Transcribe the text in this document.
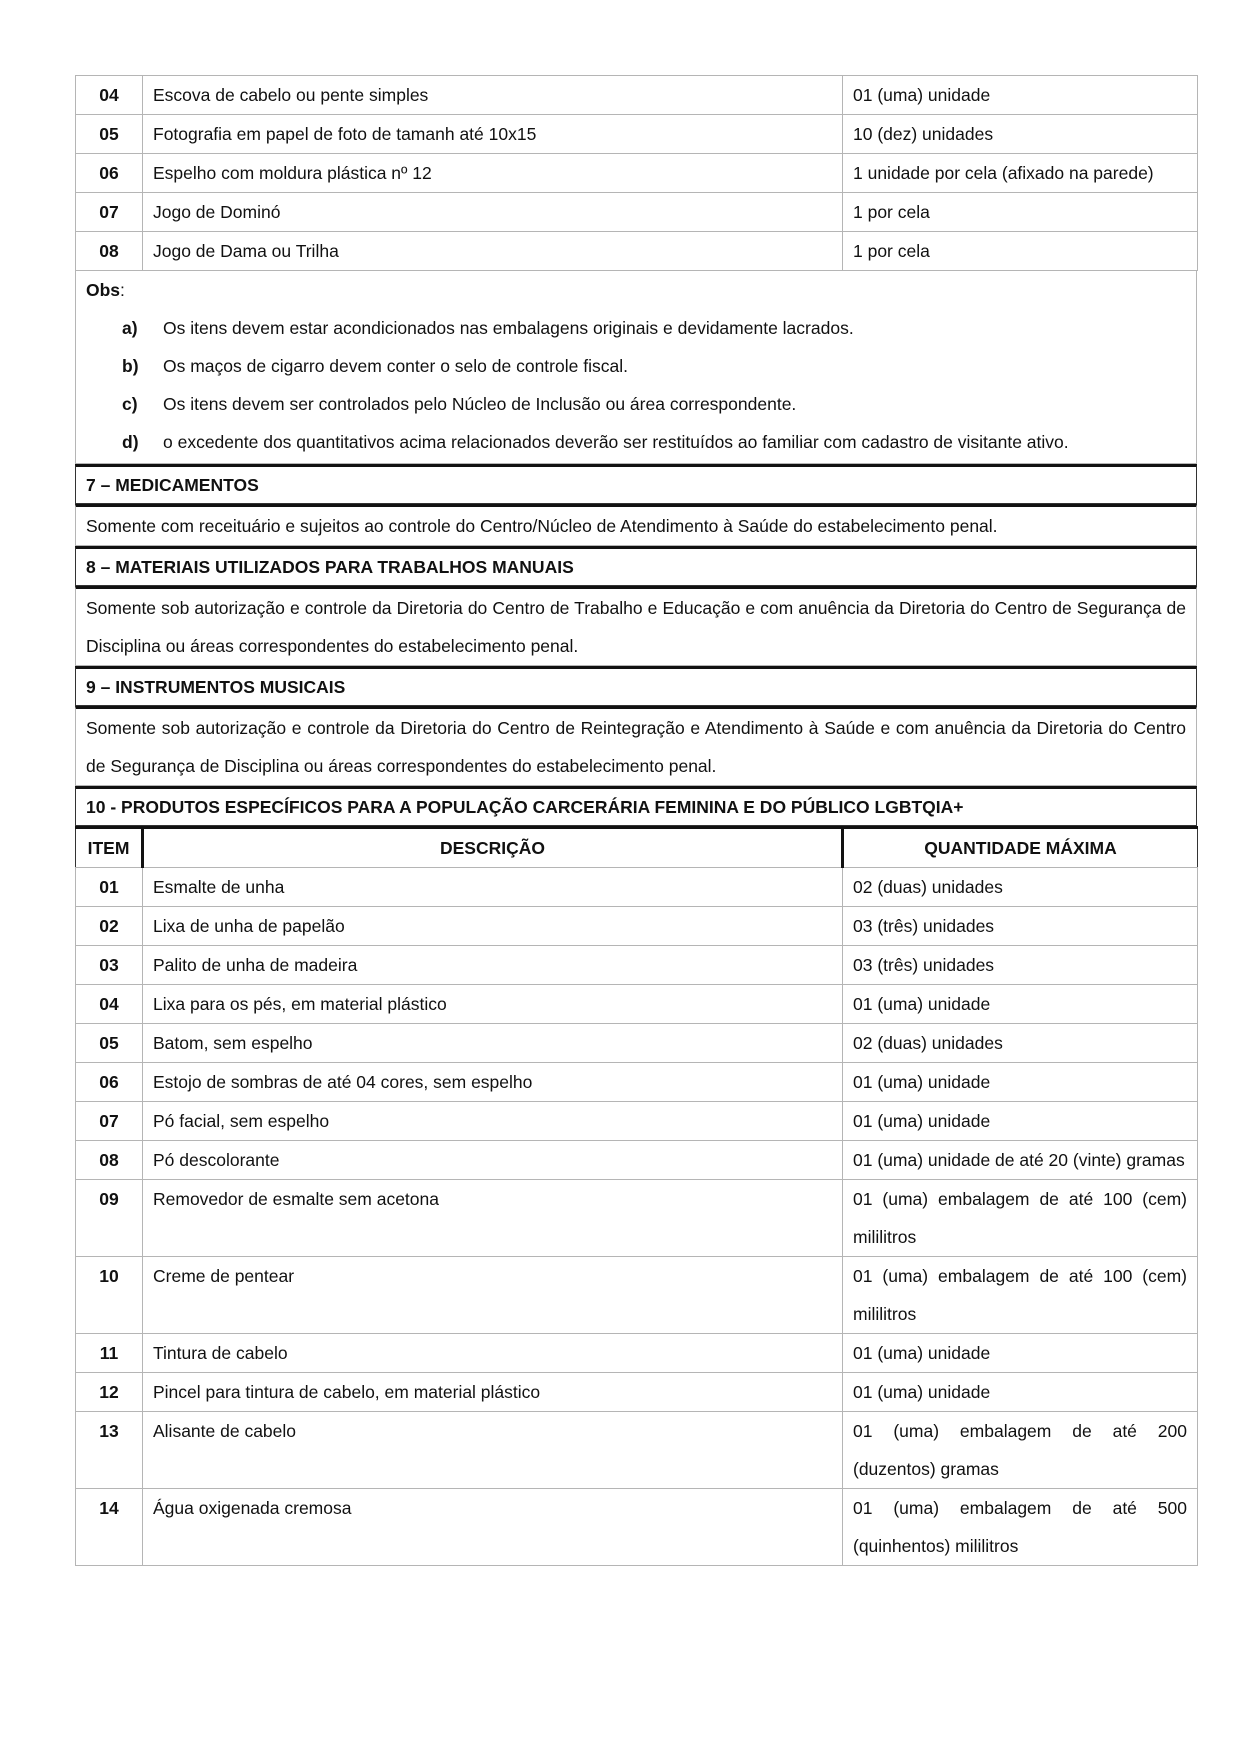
04	Escova de cabelo ou pente simples	01 (uma) unidade
05	Fotografia em papel de foto de tamanh até 10x15	10 (dez) unidades
06	Espelho com moldura plástica nº 12	1 unidade por cela (afixado na parede)
07	Jogo de Dominó	1 por cela
08	Jogo de Dama ou Trilha	1 por cela
Obs:
a)	Os itens devem estar acondicionados nas embalagens originais e devidamente lacrados.
b)	Os maços de cigarro devem conter o selo de controle fiscal.
c)	Os itens devem ser controlados pelo Núcleo de Inclusão ou área correspondente.
d)	o excedente dos quantitativos acima relacionados deverão ser restituídos ao familiar com cadastro de visitante ativo.
7 – MEDICAMENTOS
Somente com receituário e sujeitos ao controle do Centro/Núcleo de Atendimento à Saúde do estabelecimento penal.
8 – MATERIAIS UTILIZADOS PARA TRABALHOS MANUAIS
Somente sob autorização e controle da Diretoria do Centro de Trabalho e Educação e com anuência da Diretoria do Centro de Segurança de Disciplina ou áreas correspondentes do estabelecimento penal.
9 – INSTRUMENTOS MUSICAIS
Somente sob autorização e controle da Diretoria do Centro de Reintegração e Atendimento à Saúde e com anuência da Diretoria do Centro de Segurança de Disciplina ou áreas correspondentes do estabelecimento penal.
10 - PRODUTOS ESPECÍFICOS PARA A POPULAÇÃO CARCERÁRIA FEMININA E DO PÚBLICO LGBTQIA+
ITEM	DESCRIÇÃO	QUANTIDADE MÁXIMA
01	Esmalte de unha	02 (duas) unidades
02	Lixa de unha de papelão	03 (três) unidades
03	Palito de unha de madeira	03 (três) unidades
04	Lixa para os pés, em material plástico	01 (uma) unidade
05	Batom, sem espelho	02 (duas) unidades
06	Estojo de sombras de até 04 cores, sem espelho	01 (uma) unidade
07	Pó facial, sem espelho	01 (uma) unidade
08	Pó descolorante	01 (uma) unidade de até 20 (vinte) gramas
09	Removedor de esmalte sem acetona	01 (uma) embalagem de até 100 (cem) mililitros
10	Creme de pentear	01 (uma) embalagem de até 100 (cem) mililitros
11	Tintura de cabelo	01 (uma) unidade
12	Pincel para tintura de cabelo, em material plástico	01 (uma) unidade
13	Alisante de cabelo	01 (uma) embalagem de até 200 (duzentos) gramas
14	Água oxigenada cremosa	01 (uma) embalagem de até 500 (quinhentos) mililitros
